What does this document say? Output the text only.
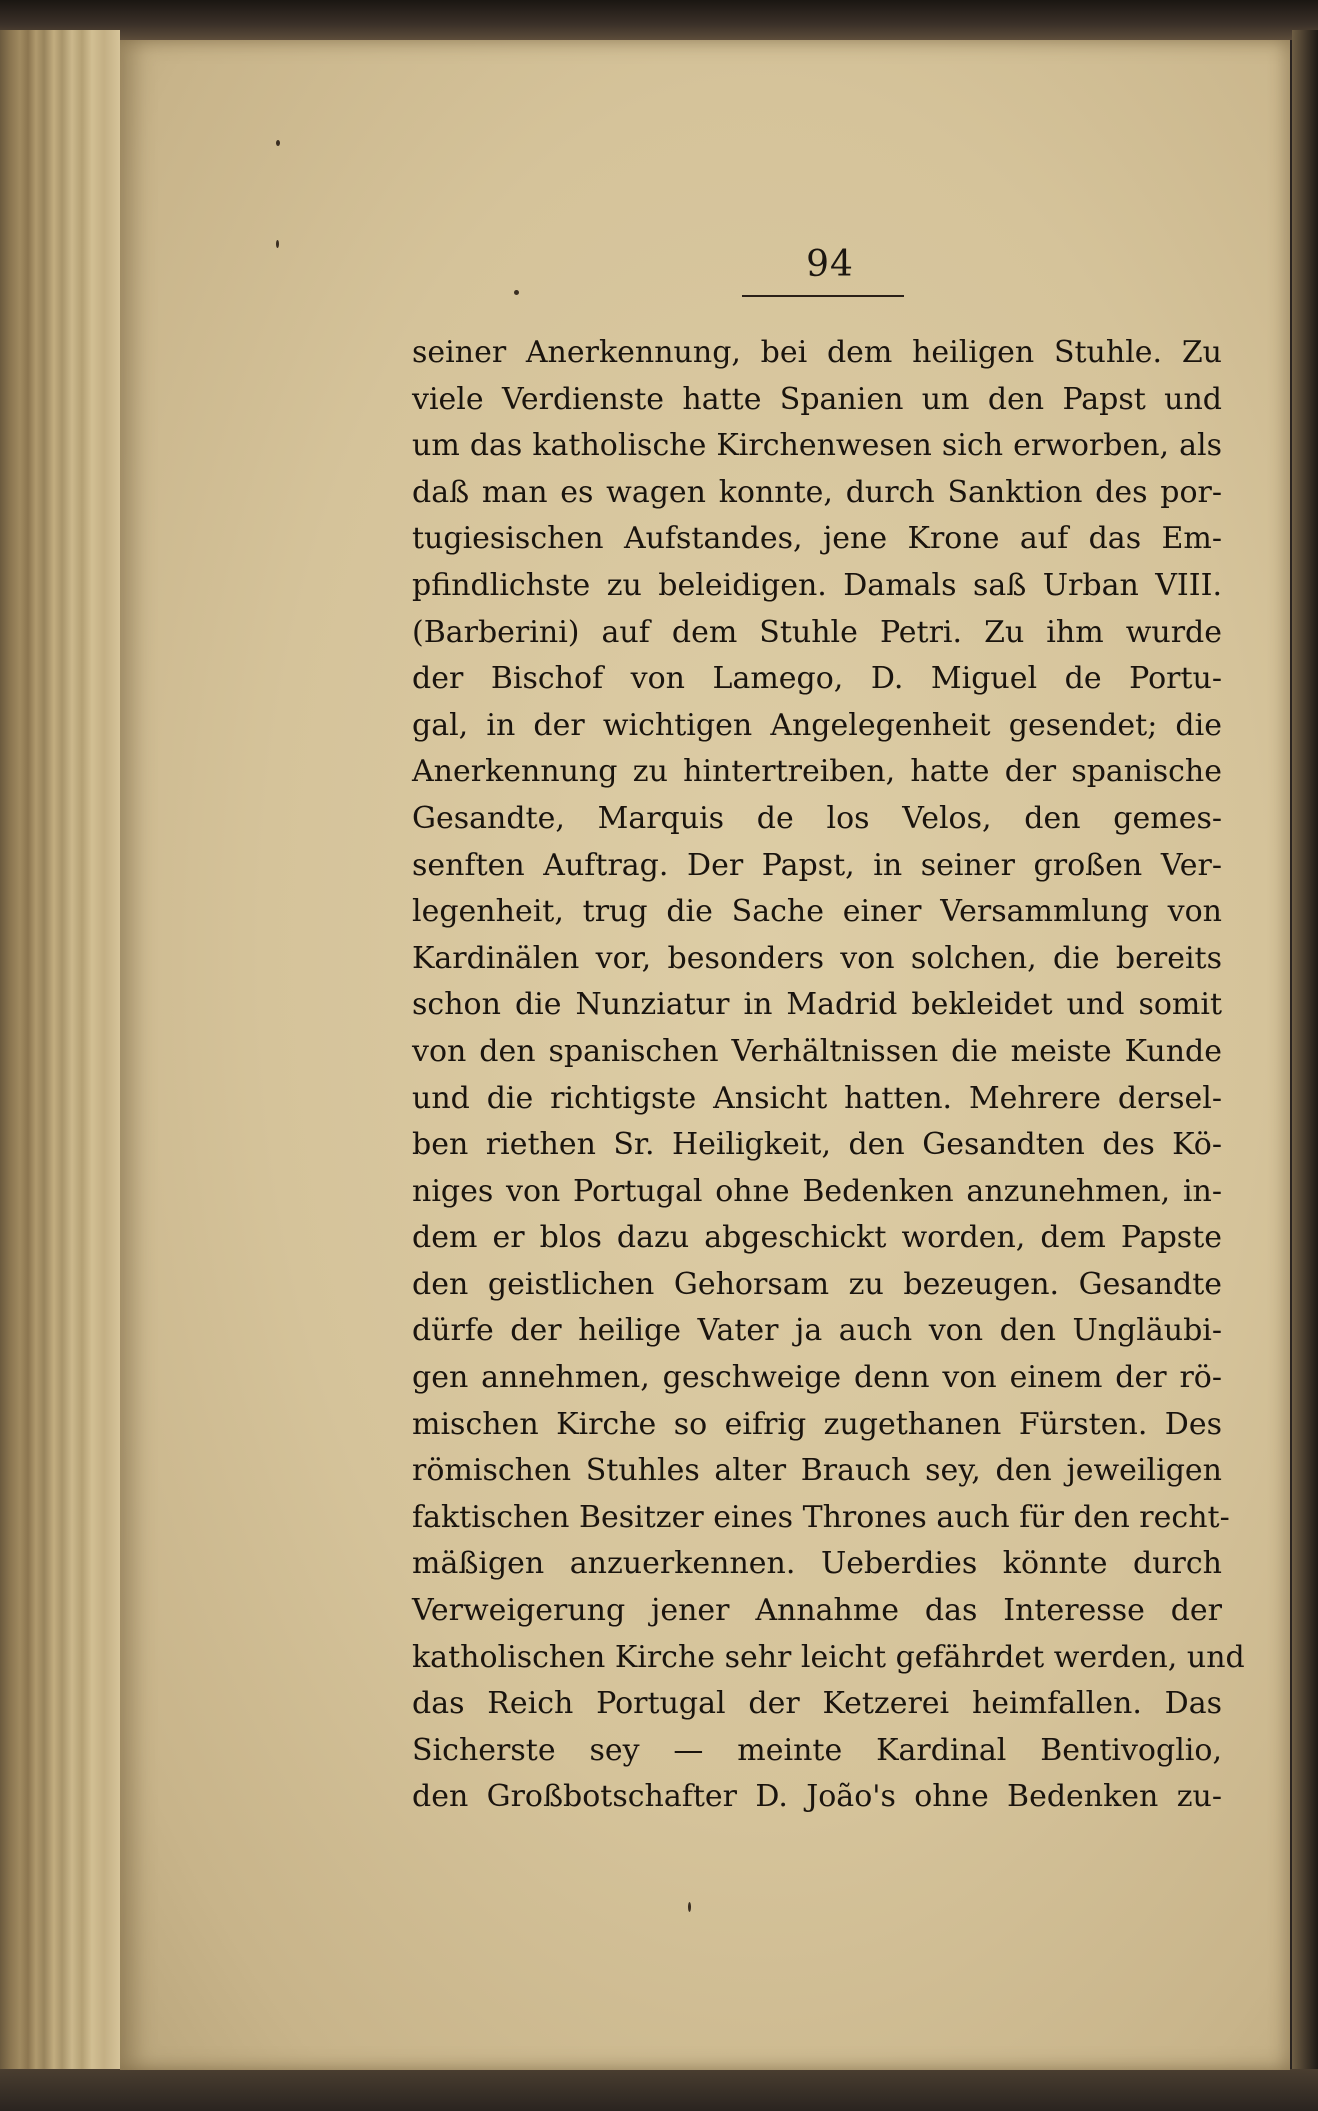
94
seiner Anerkennung, bei dem heiligen Stuhle. Zu
viele Verdienste hatte Spanien um den Papst und
um das katholische Kirchenwesen sich erworben, als
daß man es wagen konnte, durch Sanktion des por-
tugiesischen Aufstandes, jene Krone auf das Em-
pfindlichste zu beleidigen. Damals saß Urban VIII.
(Barberini) auf dem Stuhle Petri. Zu ihm wurde
der Bischof von Lamego, D. Miguel de Portu-
gal, in der wichtigen Angelegenheit gesendet; die
Anerkennung zu hintertreiben, hatte der spanische
Gesandte, Marquis de los Velos, den gemes-
senften Auftrag. Der Papst, in seiner großen Ver-
legenheit, trug die Sache einer Versammlung von
Kardinälen vor, besonders von solchen, die bereits
schon die Nunziatur in Madrid bekleidet und somit
von den spanischen Verhältnissen die meiste Kunde
und die richtigste Ansicht hatten. Mehrere dersel-
ben riethen Sr. Heiligkeit, den Gesandten des Kö-
niges von Portugal ohne Bedenken anzunehmen, in-
dem er blos dazu abgeschickt worden, dem Papste
den geistlichen Gehorsam zu bezeugen. Gesandte
dürfe der heilige Vater ja auch von den Ungläubi-
gen annehmen, geschweige denn von einem der rö-
mischen Kirche so eifrig zugethanen Fürsten. Des
römischen Stuhles alter Brauch sey, den jeweiligen
faktischen Besitzer eines Thrones auch für den recht-
mäßigen anzuerkennen. Ueberdies könnte durch
Verweigerung jener Annahme das Interesse der
katholischen Kirche sehr leicht gefährdet werden, und
das Reich Portugal der Ketzerei heimfallen. Das
Sicherste sey — meinte Kardinal Bentivoglio,
den Großbotschafter D. João's ohne Bedenken zu-
